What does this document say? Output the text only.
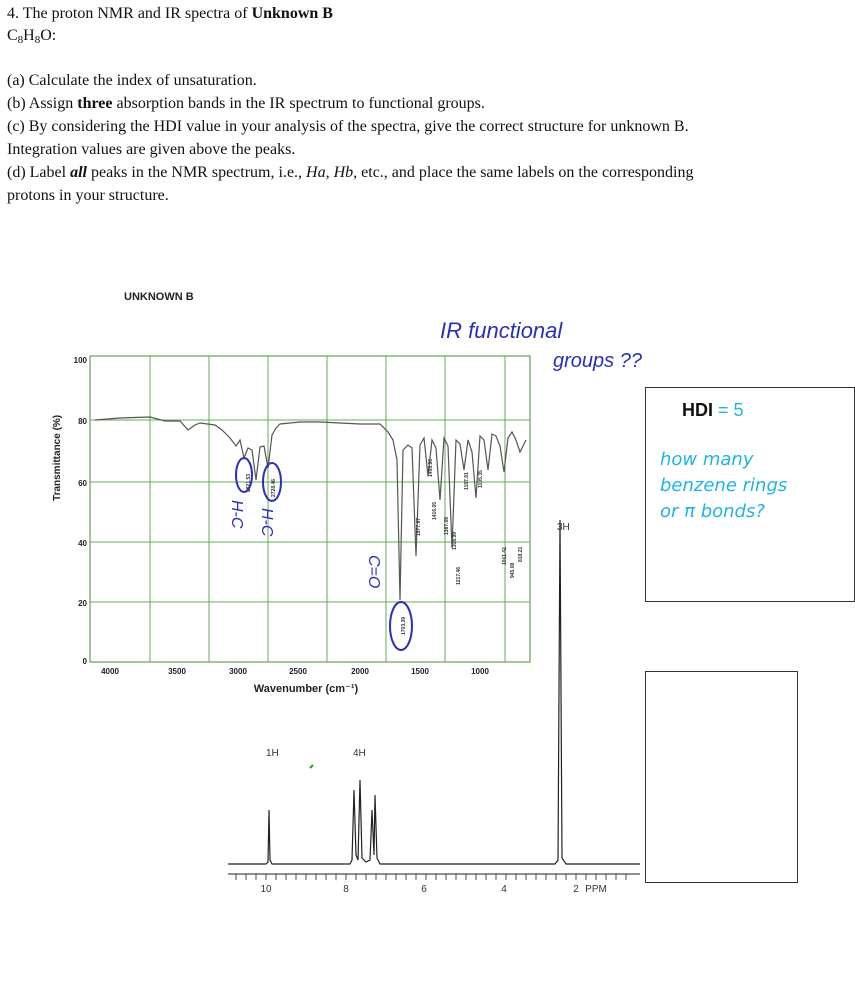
4. The proton NMR and IR spectra of Unknown B
C8H8O:
(a) Calculate the index of unsaturation.
(b) Assign three absorption bands in the IR spectrum to functional groups.
(c) By considering the HDI value in your analysis of the spectra, give the correct structure for unknown B.
Integration values are given above the peaks.
(d) Label all peaks in the NMR spectrum, i.e., Ha, Hb, etc., and place the same labels on the corresponding
protons in your structure.
UNKNOWN B
100
80
60
40
20
0
Transmittance (%)
4000	3500	3000	2500	2000	1500	1000
Wavenumber (cm⁻¹)
2821.53	2728.46
1703.39
1577.97
1456.96
1416.05
1387.08
1308.99
1217.46
1187.81 1105.35
1011.42
945.08
818.21
H-C H-C
C=O
IR functional
groups ??
1H	4H
3H
10	8	6	4	2 PPM
HDI = 5
how many benzene rings or π bonds?
